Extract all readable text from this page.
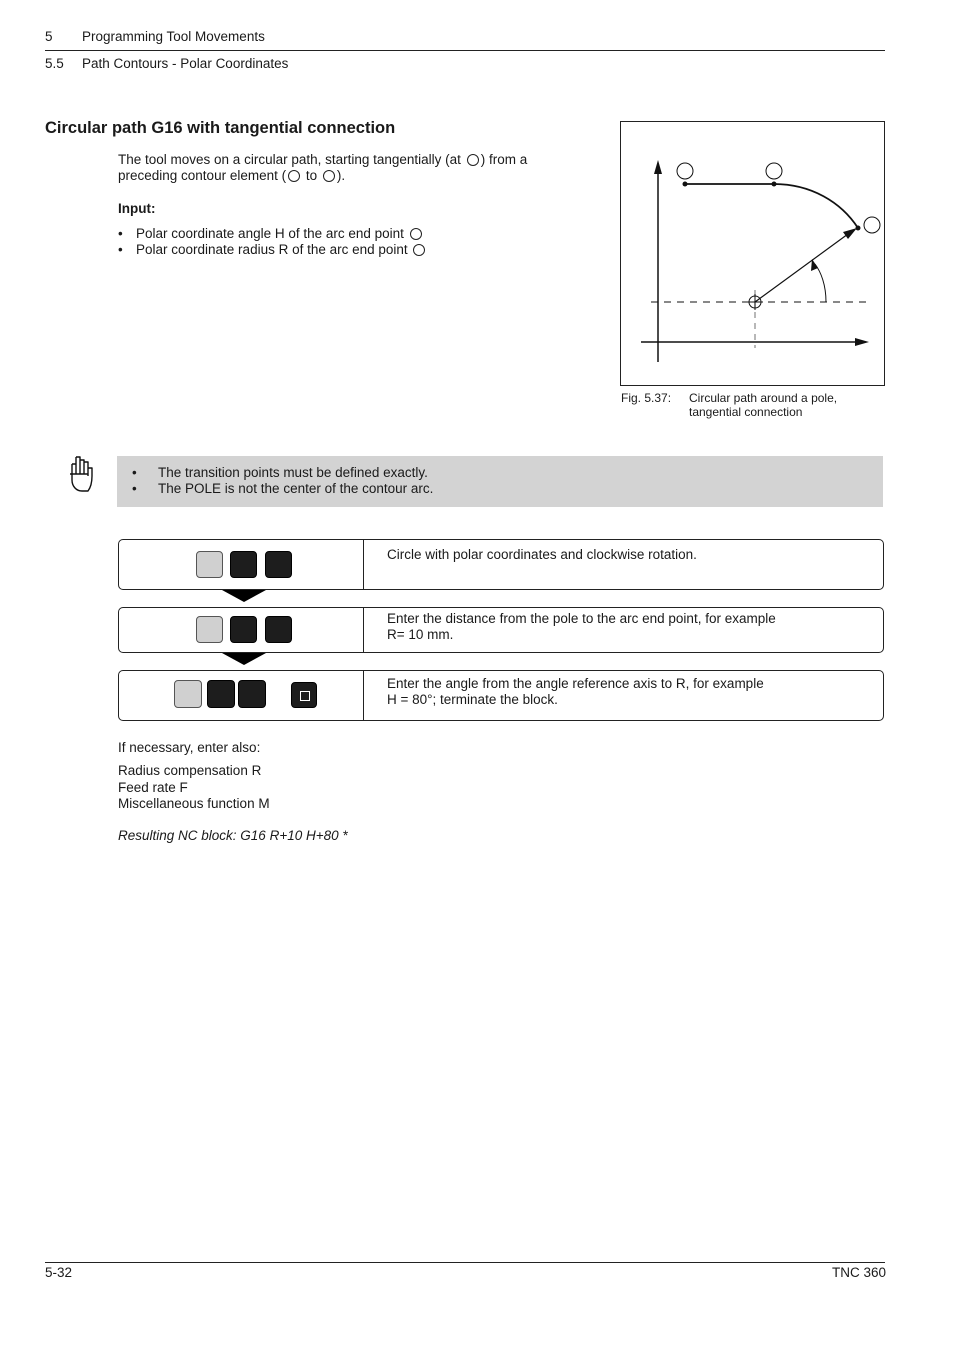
5 Programming Tool Movements
5.5 Path Contours - Polar Coordinates
Circular path G16 with tangential connection
The tool moves on a circular path, starting tangentially (at ) from a
preceding contour element ( to ).
Input:
• Polar coordinate angle H of the arc end point
• Polar coordinate radius R of the arc end point
Fig. 5.37: Circular path around a pole,
tangential connection
• The transition points must be defined exactly.
• The POLE is not the center of the contour arc.
Circle with polar coordinates and clockwise rotation.
Enter the distance from the pole to the arc end point, for example
R= 10 mm.
Enter the angle from the angle reference axis to R, for example
H = 80°; terminate the block.
If necessary, enter also:
Radius compensation R
Feed rate F
Miscellaneous function M
Resulting NC block: G16 R+10 H+80 *
5-32	TNC 360
